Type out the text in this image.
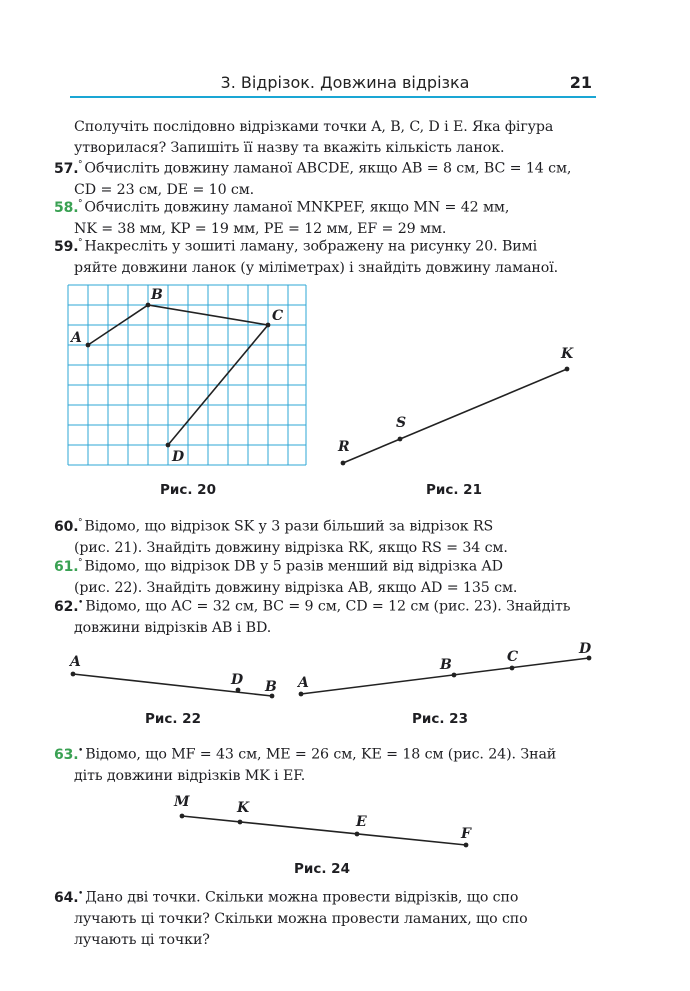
3. Відрізок. Довжина відрізка	21
Сполучіть послідовно відрізками точки A, B, C, D і E. Яка фігура
утворилася? Запишіть її назву та вкажіть кількість ланок.
57.° Обчисліть довжину ламаної ABCDE, якщо AB = 8 см, BC = 14 см,
CD = 23 см, DE = 10 см.
58.° Обчисліть довжину ламаної MNKPEF, якщо MN = 42 мм,
NK = 38 мм, KP = 19 мм, PE = 12 мм, EF = 29 мм.
59.° Накресліть у зошиті ламану, зображену на рисунку 20. Вимі
ряйте довжини ланок (у міліметрах) і знайдіть довжину ламаної.
60.° Відомо, що відрізок SK у 3 рази більший за відрізок RS
(рис. 21). Знайдіть довжину відрізка RK, якщо RS = 34 см.
61.° Відомо, що відрізок DB у 5 разів менший від відрізка AD
(рис. 22). Знайдіть довжину відрізка AB, якщо AD = 135 см.
62.• Відомо, що AC = 32 см, BC = 9 см, CD = 12 см (рис. 23). Знайдіть
довжини відрізків AB і BD.
63.• Відомо, що MF = 43 см, ME = 26 см, KE = 18 см (рис. 24). Знай
діть довжини відрізків MK і EF.
64.• Дано дві точки. Скільки можна провести відрізків, що спо
лучають ці точки? Скільки можна провести ламаних, що спо
лучають ці точки?
A
B
C
D
R
S
K
A
D B A
B	C	D
M	K
E
F
Рис. 20	Рис. 21
Рис. 22	Рис. 23
Рис. 24
